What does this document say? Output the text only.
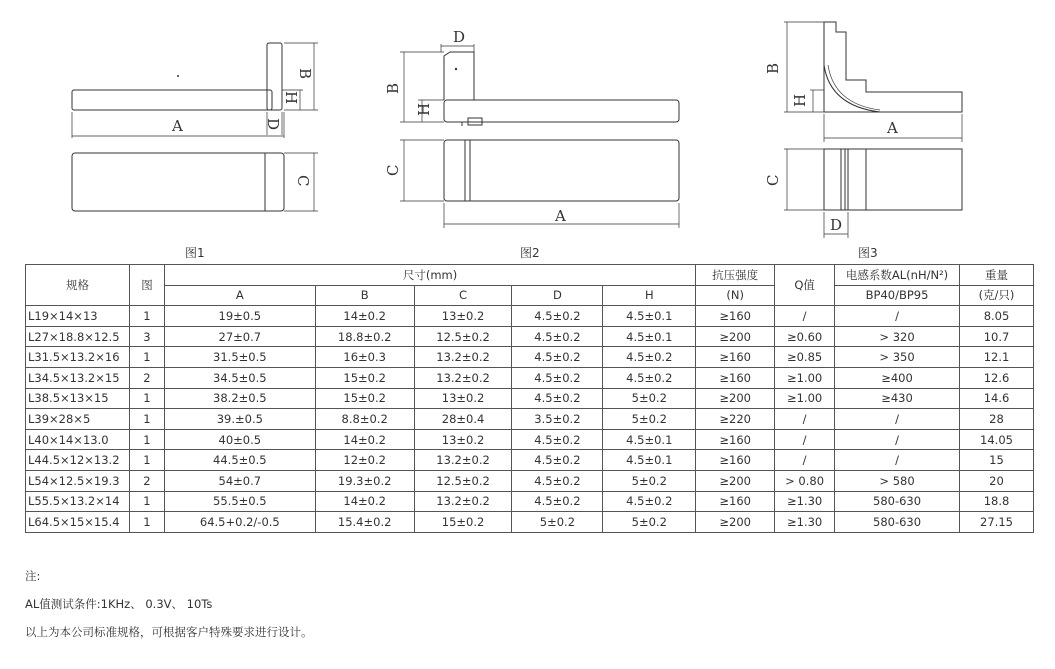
A
B
H
D
C
D
B
H
C
A
B
H
A
C
D
图1	图2	图3
规格	图	尺寸(mm)					抗压强度	Q值	电感系数AL(nH/N²)	重量
		A	B	C	D	H	(N)		BP40/BP95	(克/只)
L19×14×13	1	19±0.5	14±0.2	13±0.2	4.5±0.2	4.5±0.1	≥160	/	/	8.05
L27×18.8×12.5	3	27±0.7	18.8±0.2	12.5±0.2	4.5±0.2	4.5±0.1	≥200	≥0.60	> 320	10.7
L31.5×13.2×16	1	31.5±0.5	16±0.3	13.2±0.2	4.5±0.2	4.5±0.2	≥160	≥0.85	> 350	12.1
L34.5×13.2×15	2	34.5±0.5	15±0.2	13.2±0.2	4.5±0.2	4.5±0.2	≥160	≥1.00	≥400	12.6
L38.5×13×15	1	38.2±0.5	15±0.2	13±0.2	4.5±0.2	5±0.2	≥200	≥1.00	≥430	14.6
L39×28×5	1	39.±0.5	8.8±0.2	28±0.4	3.5±0.2	5±0.2	≥220	/	/	28
L40×14×13.0	1	40±0.5	14±0.2	13±0.2	4.5±0.2	4.5±0.1	≥160	/	/	14.05
L44.5×12×13.2	1	44.5±0.5	12±0.2	13.2±0.2	4.5±0.2	4.5±0.1	≥160	/	/	15
L54×12.5×19.3	2	54±0.7	19.3±0.2	12.5±0.2	4.5±0.2	5±0.2	≥200	> 0.80	> 580	20
L55.5×13.2×14	1	55.5±0.5	14±0.2	13.2±0.2	4.5±0.2	4.5±0.2	≥160	≥1.30	580-630	18.8
L64.5×15×15.4	1	64.5+0.2/-0.5	15.4±0.2	15±0.2	5±0.2	5±0.2	≥200	≥1.30	580-630	27.15
注:
AL值测试条件:1KHz、 0.3V、 10Ts
以上为本公司标准规格，可根据客户特殊要求进行设计。
